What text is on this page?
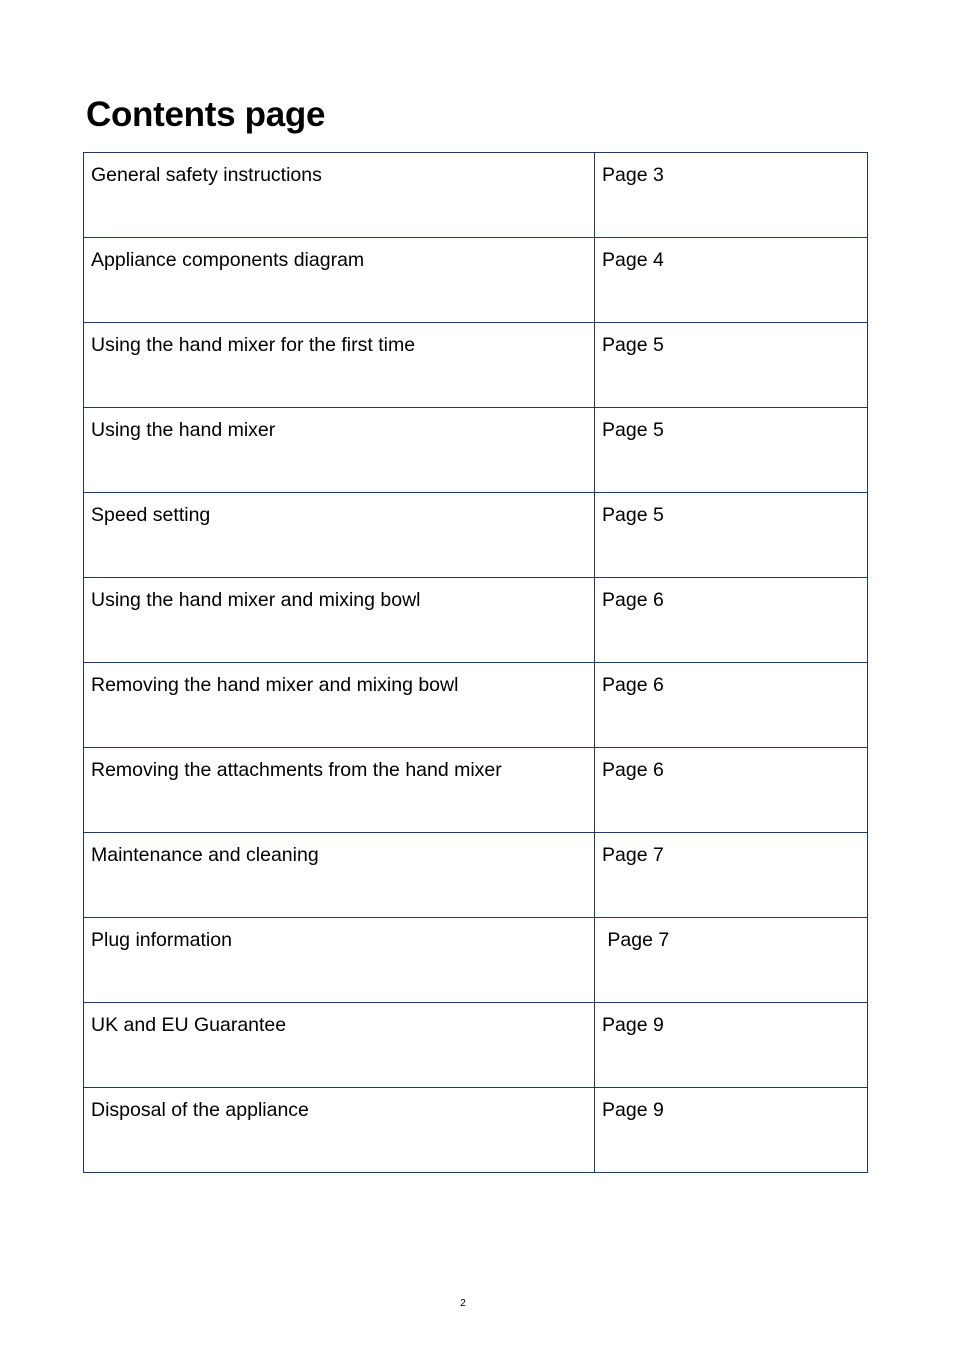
Contents page
General safety instructions	Page 3
Appliance components diagram	Page 4
Using the hand mixer for the first time	Page 5
Using the hand mixer	Page 5
Speed setting	Page 5
Using the hand mixer and mixing bowl	Page 6
Removing the hand mixer and mixing bowl	Page 6
Removing the attachments from the hand mixer	Page 6
Maintenance and cleaning	Page 7
Plug information	Page 7
UK and EU Guarantee	Page 9
Disposal of the appliance	Page 9
2
